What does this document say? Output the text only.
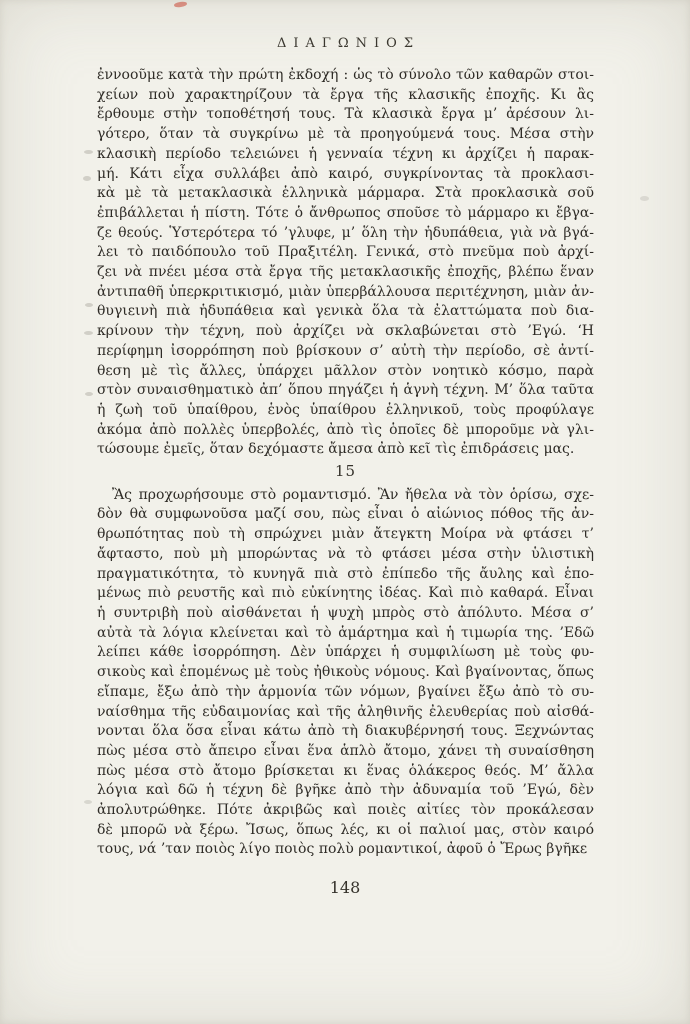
ΔΙΑΓΩΝΙΟΣ
ἐννοοῦμε κατὰ τὴν πρώτη ἐκδοχή : ὡς τὸ σύνολο τῶν καθαρῶν στοι-
χείων ποὺ χαρακτηρίζουν τὰ ἔργα τῆς κλασικῆς ἐποχῆς. Κι ἂς
ἔρθουμε στὴν τοποθέτησή τους. Τὰ κλασικὰ ἔργα μ’ ἀρέσουν λι-
γότερο, ὅταν τὰ συγκρίνω μὲ τὰ προηγούμενά τους. Μέσα στὴν
κλασικὴ περίοδο τελειώνει ἡ γενναία τέχνη κι ἀρχίζει ἡ παρακ-
μή. Κάτι εἶχα συλλάβει ἀπὸ καιρό, συγκρίνοντας τὰ προκλασι-
κὰ μὲ τὰ μετακλασικὰ ἑλληνικὰ μάρμαρα. Στὰ προκλασικὰ σοῦ
ἐπιβάλλεται ἡ πίστη. Τότε ὁ ἄνθρωπος σποῦσε τὸ μάρμαρο κι ἔβγα-
ζε θεούς. Ὑστερότερα τό ’γλυφε, μ’ ὅλη τὴν ἡδυπάθεια, γιὰ νὰ βγά-
λει τὸ παιδόπουλο τοῦ Πραξιτέλη. Γενικά, στὸ πνεῦμα ποὺ ἀρχί-
ζει νὰ πνέει μέσα στὰ ἔργα τῆς μετακλασικῆς ἐποχῆς, βλέπω ἕναν
ἀντιπαθῆ ὑπερκριτικισμό, μιὰν ὑπερβάλλουσα περιτέχνηση, μιὰν ἀν-
θυγιεινὴ πιὰ ἡδυπάθεια καὶ γενικὰ ὅλα τὰ ἐλαττώματα ποὺ δια-
κρίνουν τὴν τέχνη, ποὺ ἀρχίζει νὰ σκλαβώνεται στὸ ’Εγώ. ‘Η
περίφημη ἰσορρόπηση ποὺ βρίσκουν σ’ αὐτὴ τὴν περίοδο, σὲ ἀντί-
θεση μὲ τὶς ἄλλες, ὑπάρχει μᾶλλον στὸν νοητικὸ κόσμο, παρὰ
στὸν συναισθηματικὸ ἀπ’ ὅπου πηγάζει ἡ ἁγνὴ τέχνη. Μ’ ὅλα ταῦτα
ἡ ζωὴ τοῦ ὑπαίθρου, ἑνὸς ὑπαίθρου ἑλληνικοῦ, τοὺς προφύλαγε
ἀκόμα ἀπὸ πολλὲς ὑπερβολές, ἀπὸ τὶς ὁποῖες δὲ μποροῦμε νὰ γλι-
τώσουμε ἐμεῖς, ὅταν δεχόμαστε ἄμεσα ἀπὸ κεῖ τὶς ἐπιδράσεις μας.
15
Ἂς προχωρήσουμε στὸ ρομαντισμό. Ἂν ἤθελα νὰ τὸν ὁρίσω, σχε-
δὸν θὰ συμφωνοῦσα μαζί σου, πὼς εἶναι ὁ αἰώνιος πόθος τῆς ἀν-
θρωπότητας ποὺ τὴ σπρώχνει μιὰν ἄτεγκτη Μοίρα νὰ φτάσει τ’
ἄφταστο, ποὺ μὴ μπορώντας νὰ τὸ φτάσει μέσα στὴν ὑλιστικὴ
πραγματικότητα, τὸ κυνηγᾶ πιὰ στὸ ἐπίπεδο τῆς ἄυλης καὶ ἑπο-
μένως πιὸ ρευστῆς καὶ πιὸ εὐκίνητης ἰδέας. Καὶ πιὸ καθαρά. Εἶναι
ἡ συντριβὴ ποὺ αἰσθάνεται ἡ ψυχὴ μπρὸς στὸ ἀπόλυτο. Μέσα σ’
αὐτὰ τὰ λόγια κλείνεται καὶ τὸ ἁμάρτημα καὶ ἡ τιμωρία της. ’Εδῶ
λείπει κάθε ἰσορρόπηση. Δὲν ὑπάρχει ἡ συμφιλίωση μὲ τοὺς φυ-
σικοὺς καὶ ἑπομένως μὲ τοὺς ἠθικοὺς νόμους. Καὶ βγαίνοντας, ὅπως
εἴπαμε, ἔξω ἀπὸ τὴν ἁρμονία τῶν νόμων, βγαίνει ἔξω ἀπὸ τὸ συ-
ναίσθημα τῆς εὐδαιμονίας καὶ τῆς ἀληθινῆς ἐλευθερίας ποὺ αἰσθά-
νονται ὅλα ὅσα εἶναι κάτω ἀπὸ τὴ διακυβέρνησή τους. Ξεχνώντας
πὼς μέσα στὸ ἄπειρο εἶναι ἕνα ἁπλὸ ἄτομο, χάνει τὴ συναίσθηση
πὼς μέσα στὸ ἄτομο βρίσκεται κι ἕνας ὁλάκερος θεός. Μ’ ἄλλα
λόγια καὶ δῶ ἡ τέχνη δὲ βγῆκε ἀπὸ τὴν ἀδυναμία τοῦ ’Εγώ, δὲν
ἀπολυτρώθηκε. Πότε ἀκριβῶς καὶ ποιὲς αἰτίες τὸν προκάλεσαν
δὲ μπορῶ νὰ ξέρω. Ἴσως, ὅπως λές, κι οἱ παλιοί μας, στὸν καιρό
τους, νά ’ταν ποιὸς λίγο ποιὸς πολὺ ρομαντικοί, ἀφοῦ ὁ Ἔρως βγῆκε
148
